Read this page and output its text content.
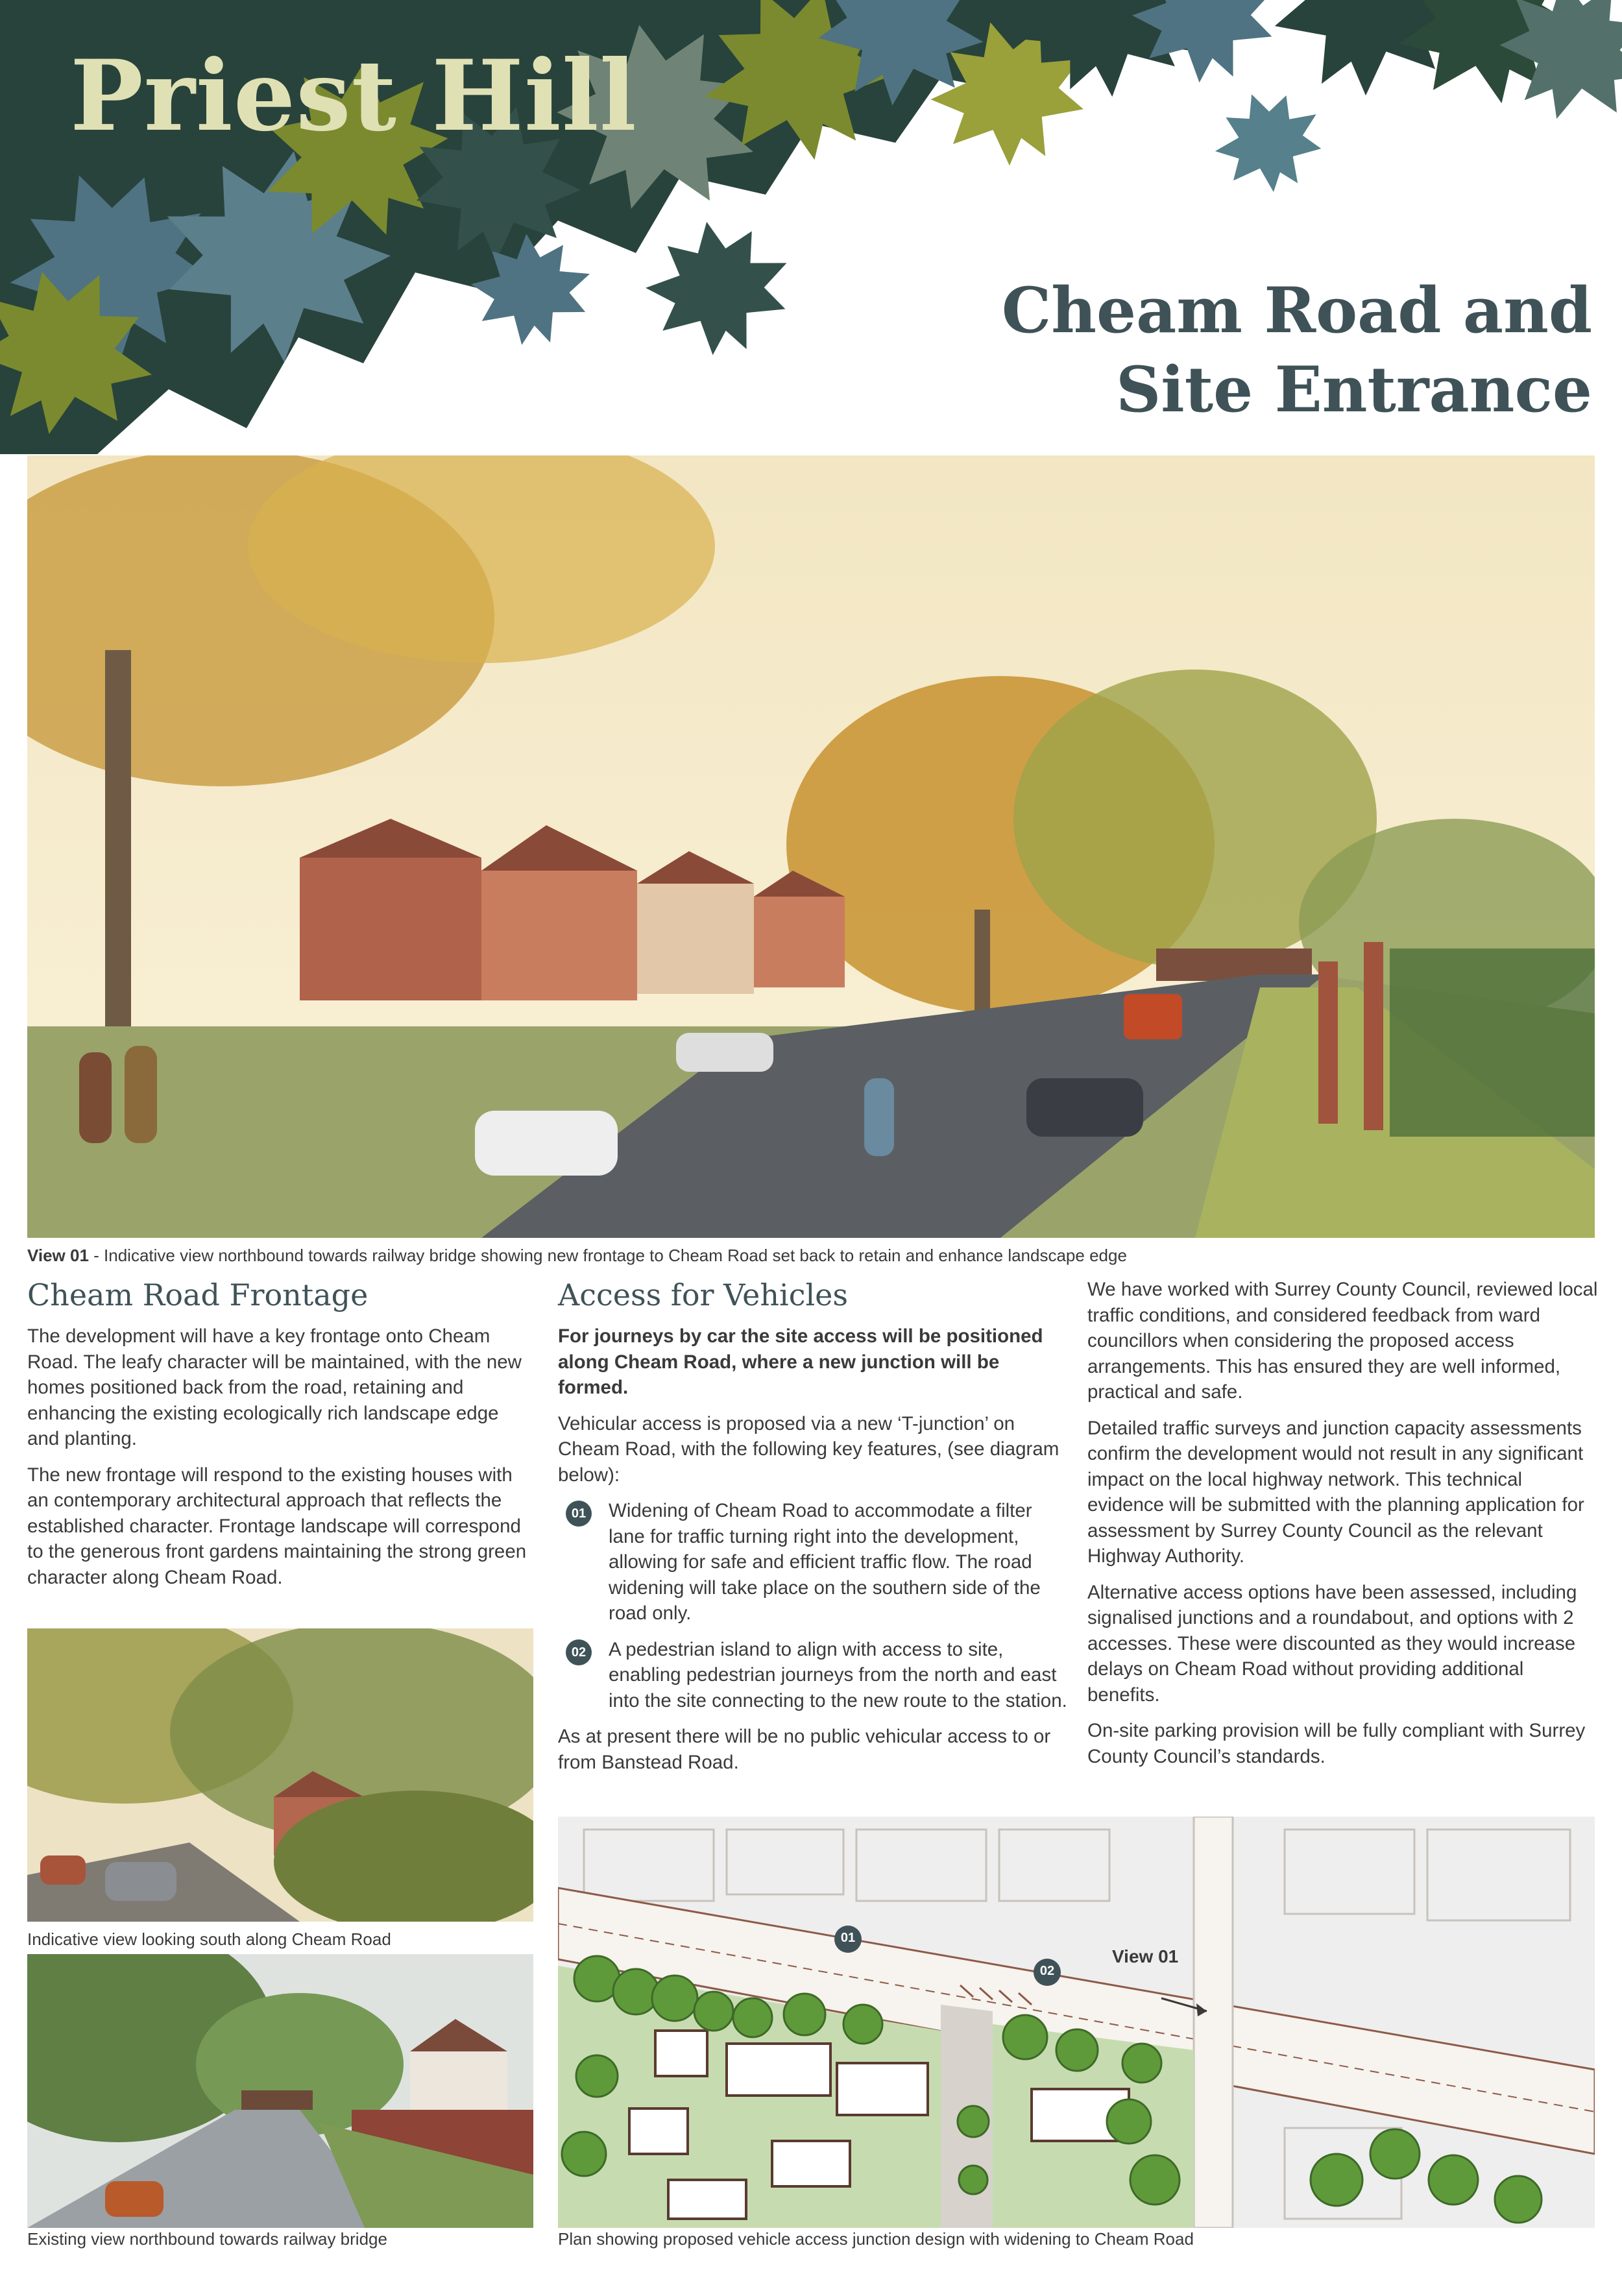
Priest Hill
Cheam Road and
Site Entrance
View 01 - Indicative view northbound towards railway bridge showing new frontage to Cheam Road set back to retain and enhance landscape edge
Cheam Road Frontage

The development will have a key frontage onto Cheam Road. The leafy character will be maintained, with the new homes positioned back from the road, retaining and enhancing the existing ecologically rich landscape edge and planting.

The new frontage will respond to the existing houses with an contemporary architectural approach that reflects the established character. Frontage landscape will correspond to the generous front gardens maintaining the strong green character along Cheam Road.

Indicative view looking south along Cheam Road
Existing view northbound towards railway bridge
Access for Vehicles

For journeys by car the site access will be positioned along Cheam Road, where a new junction will be formed.

Vehicular access is proposed via a new ‘T-junction’ on Cheam Road, with the following key features, (see diagram below):

01	Widening of Cheam Road to accommodate a filter lane for traffic turning right into the development, allowing for safe and efficient traffic flow. The road widening will take place on the southern side of the road only.
02	A pedestrian island to align with access to site, enabling pedestrian journeys from the north and east into the site connecting to the new route to the station.

As at present there will be no public vehicular access to or from Banstead Road.

We have worked with Surrey County Council, reviewed local traffic conditions, and considered feedback from ward councillors when considering the proposed access arrangements. This has ensured they are well informed, practical and safe.

Detailed traffic surveys and junction capacity assessments confirm the development would not result in any significant impact on the local highway network. This technical evidence will be submitted with the planning application for assessment by Surrey County Council as the relevant Highway Authority.

Alternative access options have been assessed, including signalised junctions and a roundabout, and options with 2 accesses. These were discounted as they would increase delays on Cheam Road without providing additional benefits.

On-site parking provision will be fully compliant with Surrey County Council’s standards.

01
02
View 01
Plan showing proposed vehicle access junction design with widening to Cheam Road
